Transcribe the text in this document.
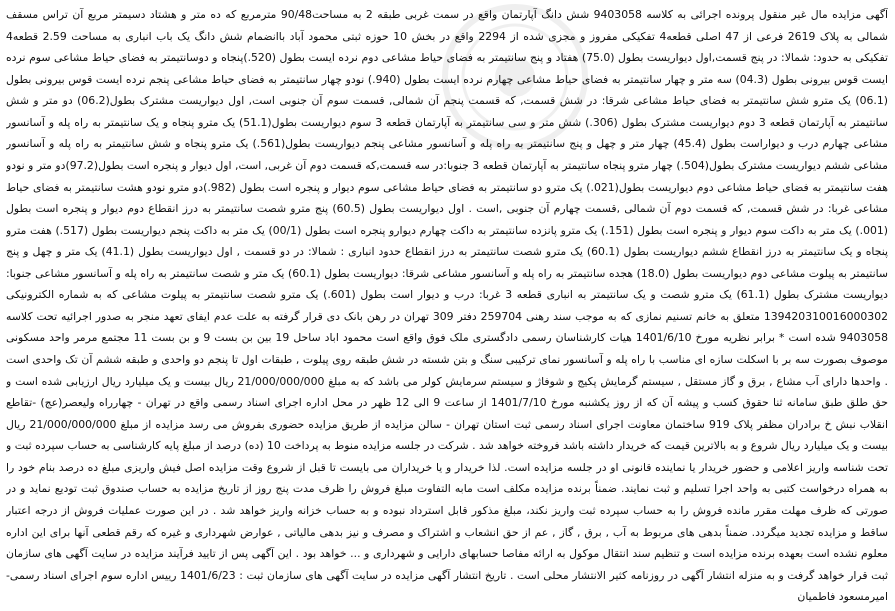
آگهی مزایده مال غیر منقول پرونده اجرائی به کلاسه 9403058 شش دانگ آپارتمان واقع در سمت غربی طبقه 2 به مساحت90/48 مترمربع که ده متر و هشتاد دسیمتر مربع آن تراس مسقف شمالی به پلاک 2619 فرعی از 47 اصلی قطعه4 تفکیکی مفروز و مجزی شده از 2294 واقع در بخش 10 حوزه ثبتی محمود آباد باانضمام شش دانگ یک باب انباری به مساحت 2.59 قطعه4 تفکیکی به حدود: شمالا: در پنج قسمت,اول دیواریست بطول (75.0) هفتاد و پنج سانتیمتر به فضای حیاط مشاعی دوم نرده ایست بطول (520.)پنجاه و دوسانتیمتر به فضای حیاط مشاعی سوم نرده ایست قوس بیرونی بطول (04.3) سه متر و چهار سانتیمتر به فضای حیاط مشاعی چهارم نرده ایست بطول (940.) نودو چهار سانتیمتر به فضای حیاط مشاعی پنجم نرده ایست قوس بیرونی بطول (06.1) یک مترو شش سانتیمتر به فضای حیاط مشاعی شرقا: در شش قسمت, که قسمت پنجم آن شمالی, قسمت سوم آن جنوبی است, اول دیواریست مشترک بطول(06.2) دو متر و شش سانتیمتر به آپارتمان قطعه 3 دوم دیواریست مشترک بطول (306.) شش متر و سی سانتیمتر به آپارتمان قطعه 3 سوم دیواریست بطول(51.1) یک مترو پنجاه و یک سانتیمتر به راه پله و آسانسور مشاعی چهارم درب و دیواراست بطول (45.4) چهار متر و چهل و پنج سانتیمتر به راه پله و آسانسور مشاعی پنجم دیواریست بطول(561.) یک مترو پنجاه و شش سانتیمتر به راه پله و آسانسور مشاعی ششم دیواریست مشترک بطول(504.) چهار مترو پنجاه سانتیمتر به آپارتمان قطعه 3 جنوبا:در سه قسمت,که قسمت دوم آن غربی, است, اول دیوار و پنجره است بطول(97.2)دو متر و نودو هفت سانتیمتر به فضای حیاط مشاعی دوم دیواریست بطول(021.) یک مترو دو سانتیمتر به فضای حیاط مشاعی سوم دیوار و پنجره است بطول (982.)دو مترو نودو هشت سانتیمتر به فضای حیاط مشاعی غربا: در شش قسمت, که قسمت دوم آن شمالی ,قسمت چهارم آن جنوبی ,است . اول دیواریست بطول (60.5) پنج مترو شصت سانتیمتر به درز انقطاع دوم دیوار و پنجره است بطول (001.) یک متر به داکت سوم دیوار و پنجره است بطول (151.) یک مترو پانزده سانتیمتر به داکت چهارم دیوارو پنجره است بطول (00/1) یک متر به داکت پنجم دیواریست بطول (517.) هفت مترو پنجاه و یک سانتیمتر به درز انقطاع ششم دیواریست بطول (60.1) یک مترو شصت سانتیمتر به درز انقطاع حدود انباری : شمالا: در دو قسمت , اول دیواریست بطول (41.1) یک متر و چهل و پنج سانتیمتر به پیلوت مشاعی دوم دیواریست بطول (18.0) هجده سانتیمتر به راه پله و آسانسور مشاعی شرقا: دیواریست بطول (60.1) یک متر و شصت سانتیمتر به راه پله و آسانسور مشاعی جنوبا: دیواریست مشترک بطول (61.1) یک مترو شصت و یک سانتیمتر به انباری قطعه 3 غربا: درب و دیوار است بطول (601.) یک مترو شصت سانتیمتر به پیلوت مشاعی که به شماره الکترونیکی 139420310016000302 متعلق به خانم تسنیم نمازی که به موجب سند رهنی 259704 دفتر 309 تهران در رهن بانک دی قرار گرفته به علت عدم ایفای تعهد منجر به صدور اجرائیه تحت کلاسه 9403058 شده است * برابر نظریه مورخ 1401/6/10 هیات کارشناسان رسمی دادگستری ملک فوق واقع است محمود اباد ساحل 19 بین بن بست 9 و بن بست 11 مجتمع مرمر واحد مسکونی موصوف بصورت سه بر با اسکلت سازه ای مناسب با راه پله و آسانسور نمای ترکیبی سنگ و بتن شسته در شش طبقه روی پیلوت , طبقات اول تا پنجم دو واحدی و طبقه ششم آن تک واحدی است . واحدها دارای آب مشاع , برق و گاز مستقل , سیستم گرمایش پکیج و شوفاژ و سیستم سرمایش کولر می باشد که به مبلغ 21/000/000/000 ریال بیست و یک میلیارد ریال ارزیابی شده است و حق طلق طبق سامانه ثنا حقوق کسب و پیشه آن که از روز یکشنبه مورخ 1401/7/10 از ساعت 9 الی 12 ظهر در محل اداره اجرای اسناد رسمی واقع در تهران - چهارراه ولیعصر(عج) -تقاطع انقلاب نبش خ برادران مظفر پلاک 919 ساختمان معاونت اجرای اسناد رسمی ثبت استان تهران - سالن مزایده از طریق مزایده حضوری بفروش می رسد مزایده از مبلغ 21/000/000/000 ریال بیست و یک میلیارد ریال شروع و به بالاترین قیمت که خریدار داشته باشد فروخته خواهد شد . شرکت در جلسه مزایده منوط به پرداخت 10 (ده) درصد از مبلغ پایه کارشناسی به حساب سپرده ثبت و تحت شناسه واریز اعلامی و حضور خریدار یا نماینده قانونی او در جلسه مزایده است. لذا خریدار و یا خریداران می بایست تا قبل از شروع وقت مزایده اصل فیش واریزی مبلغ ده درصد بنام خود را به همراه درخواست کتبی به واحد اجرا تسلیم و ثبت نمایند. ضمناً برنده مزایده مکلف است مابه التفاوت مبلغ فروش را ظرف مدت پنج روز از تاریخ مزایده به حساب صندوق ثبت تودیع نماید و در صورتی که ظرف مهلت مقرر مانده فروش را به حساب سپرده ثبت واریز نکند، مبلغ مذکور قابل استرداد نبوده و به حساب خزانه واریز خواهد شد . در این صورت عملیات فروش از درجه اعتبار ساقط و مزایده تجدید میگردد. ضمناً بدهی های مربوط به آب , برق , گاز , عم از حق انشعاب و اشتراک و مصرف و نیز بدهی مالیاتی , عوارض شهرداری و غیره که رقم قطعی آنها برای این اداره معلوم نشده است بعهده برنده مزایده است و تنظیم سند انتقال موکول به ارائه مفاصا حسابهای دارایی و شهرداری و ... خواهد بود . این آگهی پس از تایید فرآیند مزایده در سایت آگهی های سازمان ثبت قرار خواهد گرفت و به منزله انتشار آگهی در روزنامه کثیر الانتشار محلی است . تاریخ انتشار آگهی مزایده در سایت آگهی های سازمان ثبت : 1401/6/23 رییس اداره سوم اجرای اسناد رسمی- امیرمسعود فاطمیان
